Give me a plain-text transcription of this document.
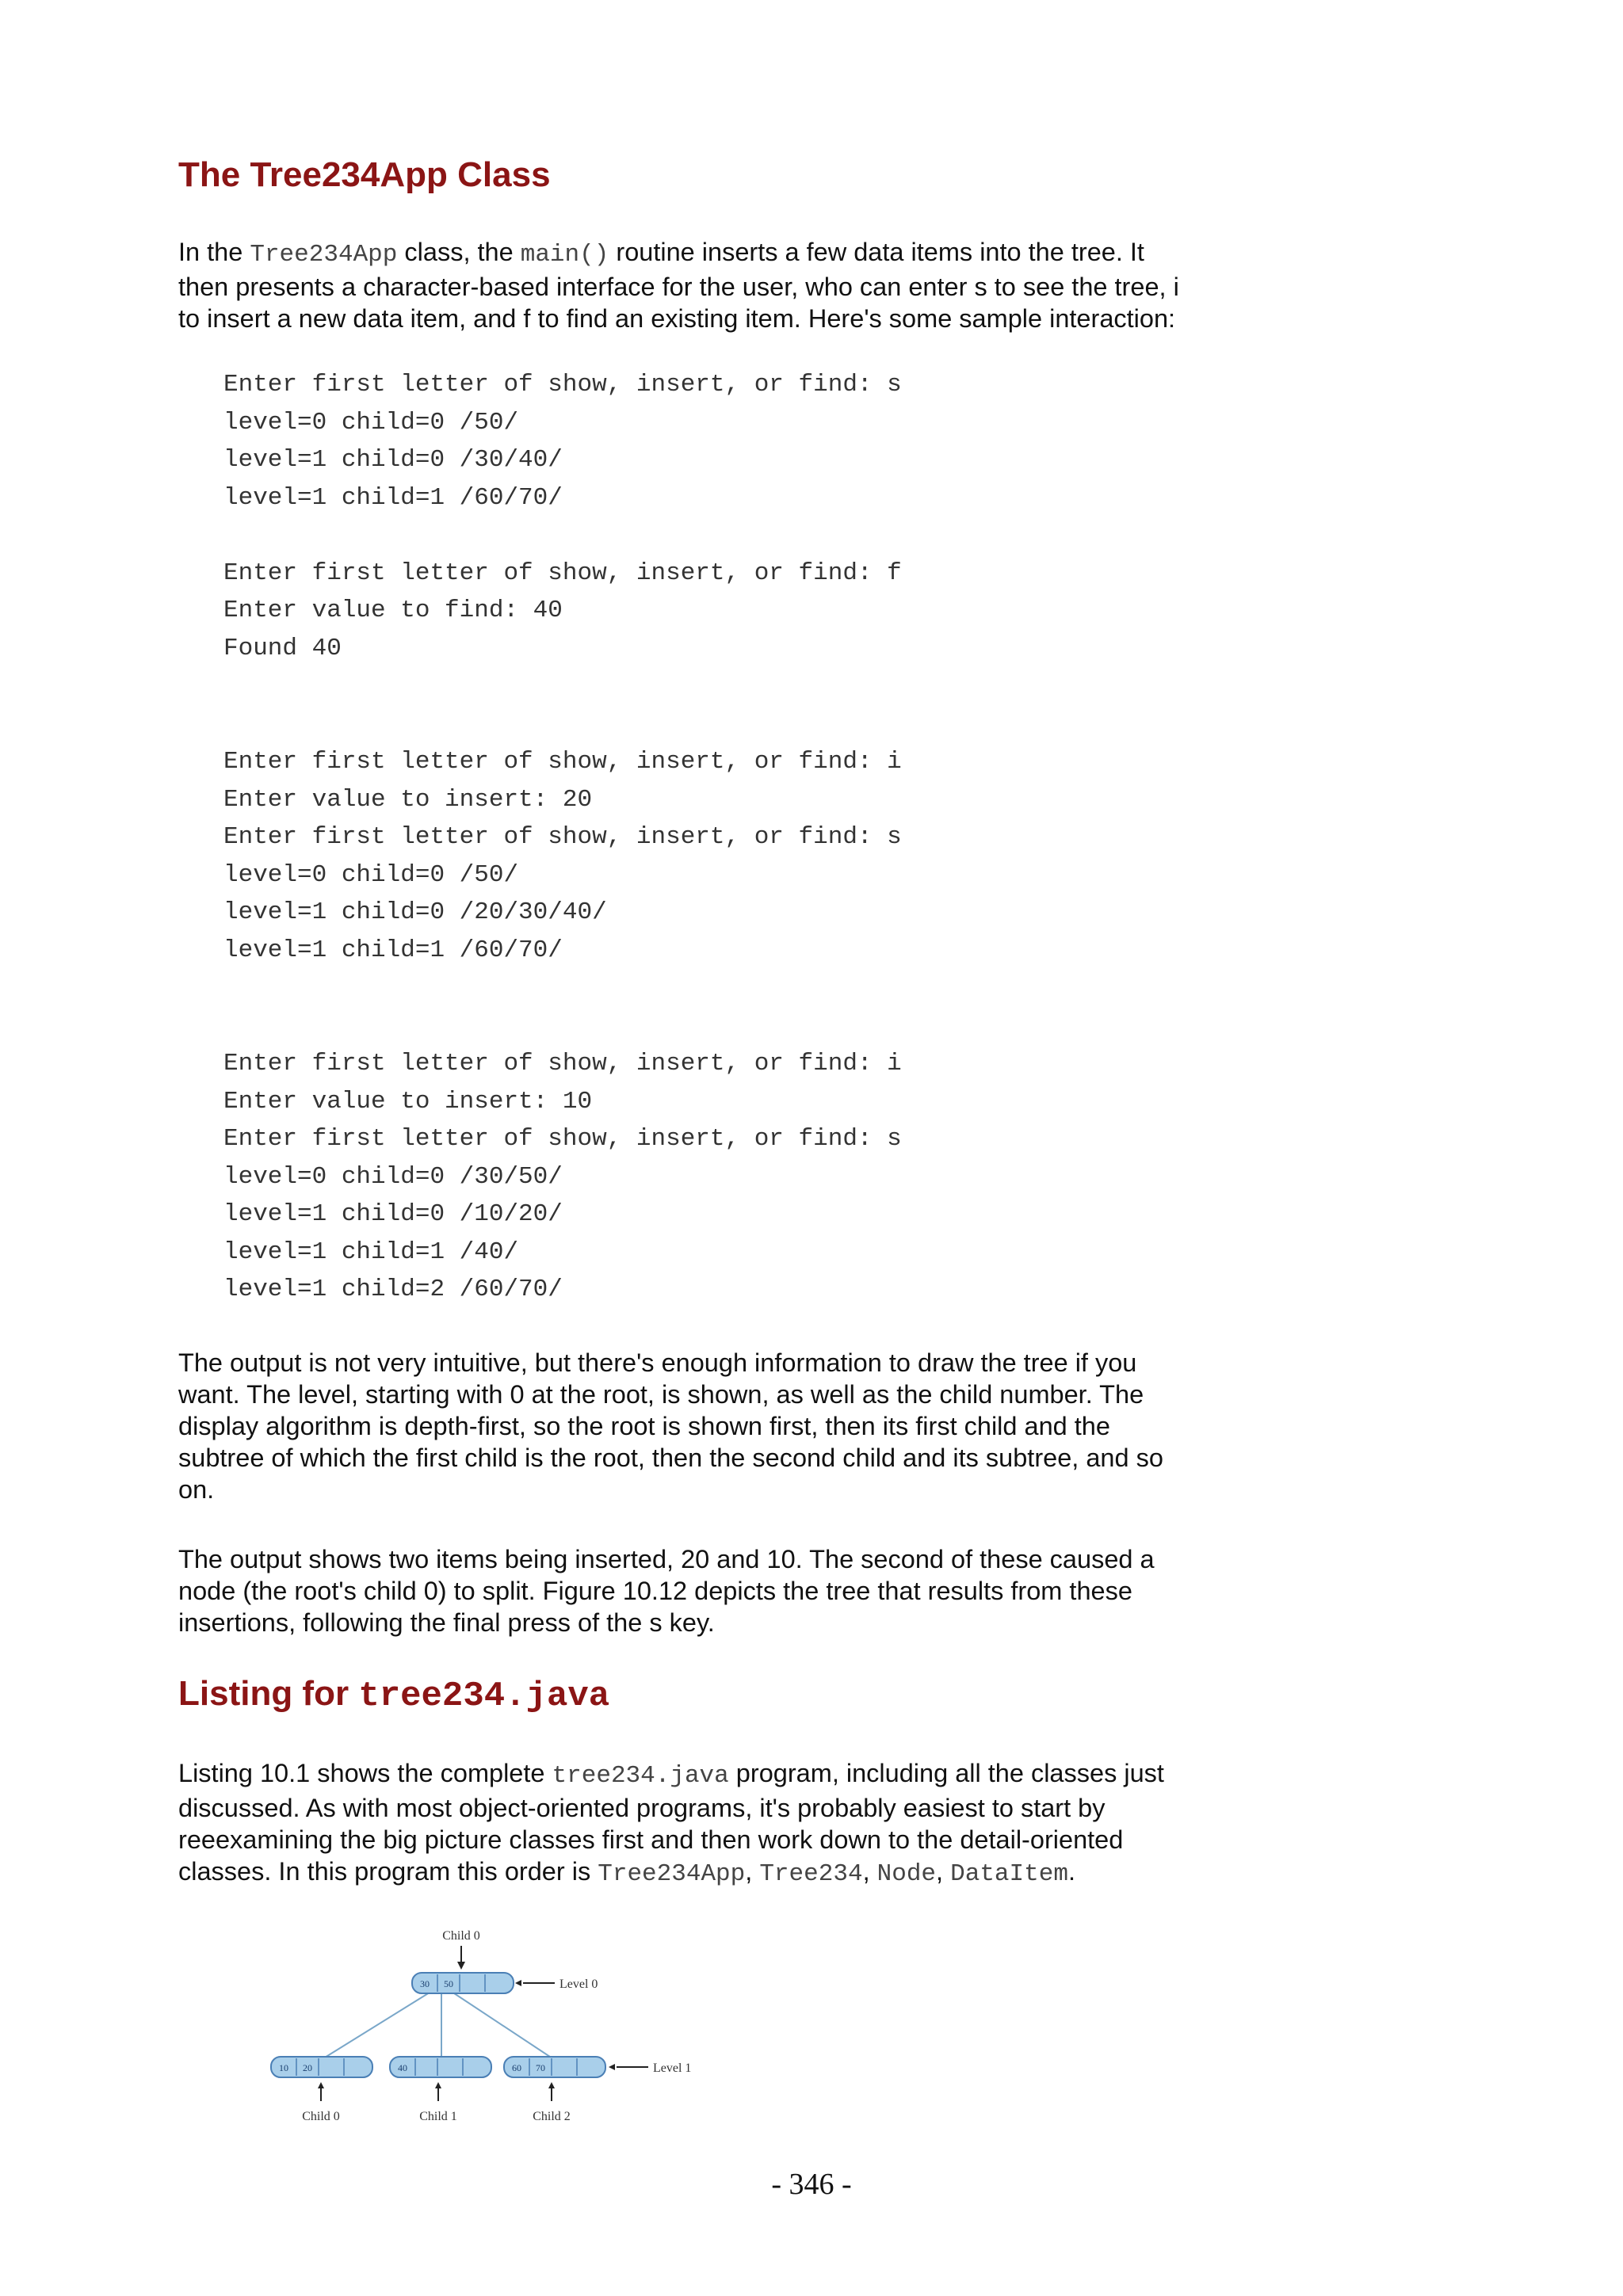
The Tree234App Class
In the Tree234App class, the main() routine inserts a few data items into the tree. It
then presents a character-based interface for the user, who can enter s to see the tree, i
to insert a new data item, and f to find an existing item. Here's some sample interaction:
Enter first letter of show, insert, or find: s
level=0 child=0 /50/
level=1 child=0 /30/40/
level=1 child=1 /60/70/

Enter first letter of show, insert, or find: f
Enter value to find: 40
Found 40
Enter first letter of show, insert, or find: i
Enter value to insert: 20
Enter first letter of show, insert, or find: s
level=0 child=0 /50/
level=1 child=0 /20/30/40/
level=1 child=1 /60/70/
Enter first letter of show, insert, or find: i
Enter value to insert: 10
Enter first letter of show, insert, or find: s
level=0 child=0 /30/50/
level=1 child=0 /10/20/
level=1 child=1 /40/
level=1 child=2 /60/70/
The output is not very intuitive, but there's enough information to draw the tree if you
want. The level, starting with 0 at the root, is shown, as well as the child number. The
display algorithm is depth-first, so the root is shown first, then its first child and the
subtree of which the first child is the root, then the second child and its subtree, and so
on.
The output shows two items being inserted, 20 and 10. The second of these caused a
node (the root's child 0) to split. Figure 10.12 depicts the tree that results from these
insertions, following the final press of the s key.
Listing for tree234.java
Listing 10.1 shows the complete tree234.java program, including all the classes just
discussed. As with most object-oriented programs, it's probably easiest to start by
reeexamining the big picture classes first and then work down to the detail-oriented
classes. In this program this order is Tree234App, Tree234, Node, DataItem.
Child 0
30 50	Level 0
10 20	40	60 70	Level 1
Child 0	Child 1	Child 2
- 346 -
